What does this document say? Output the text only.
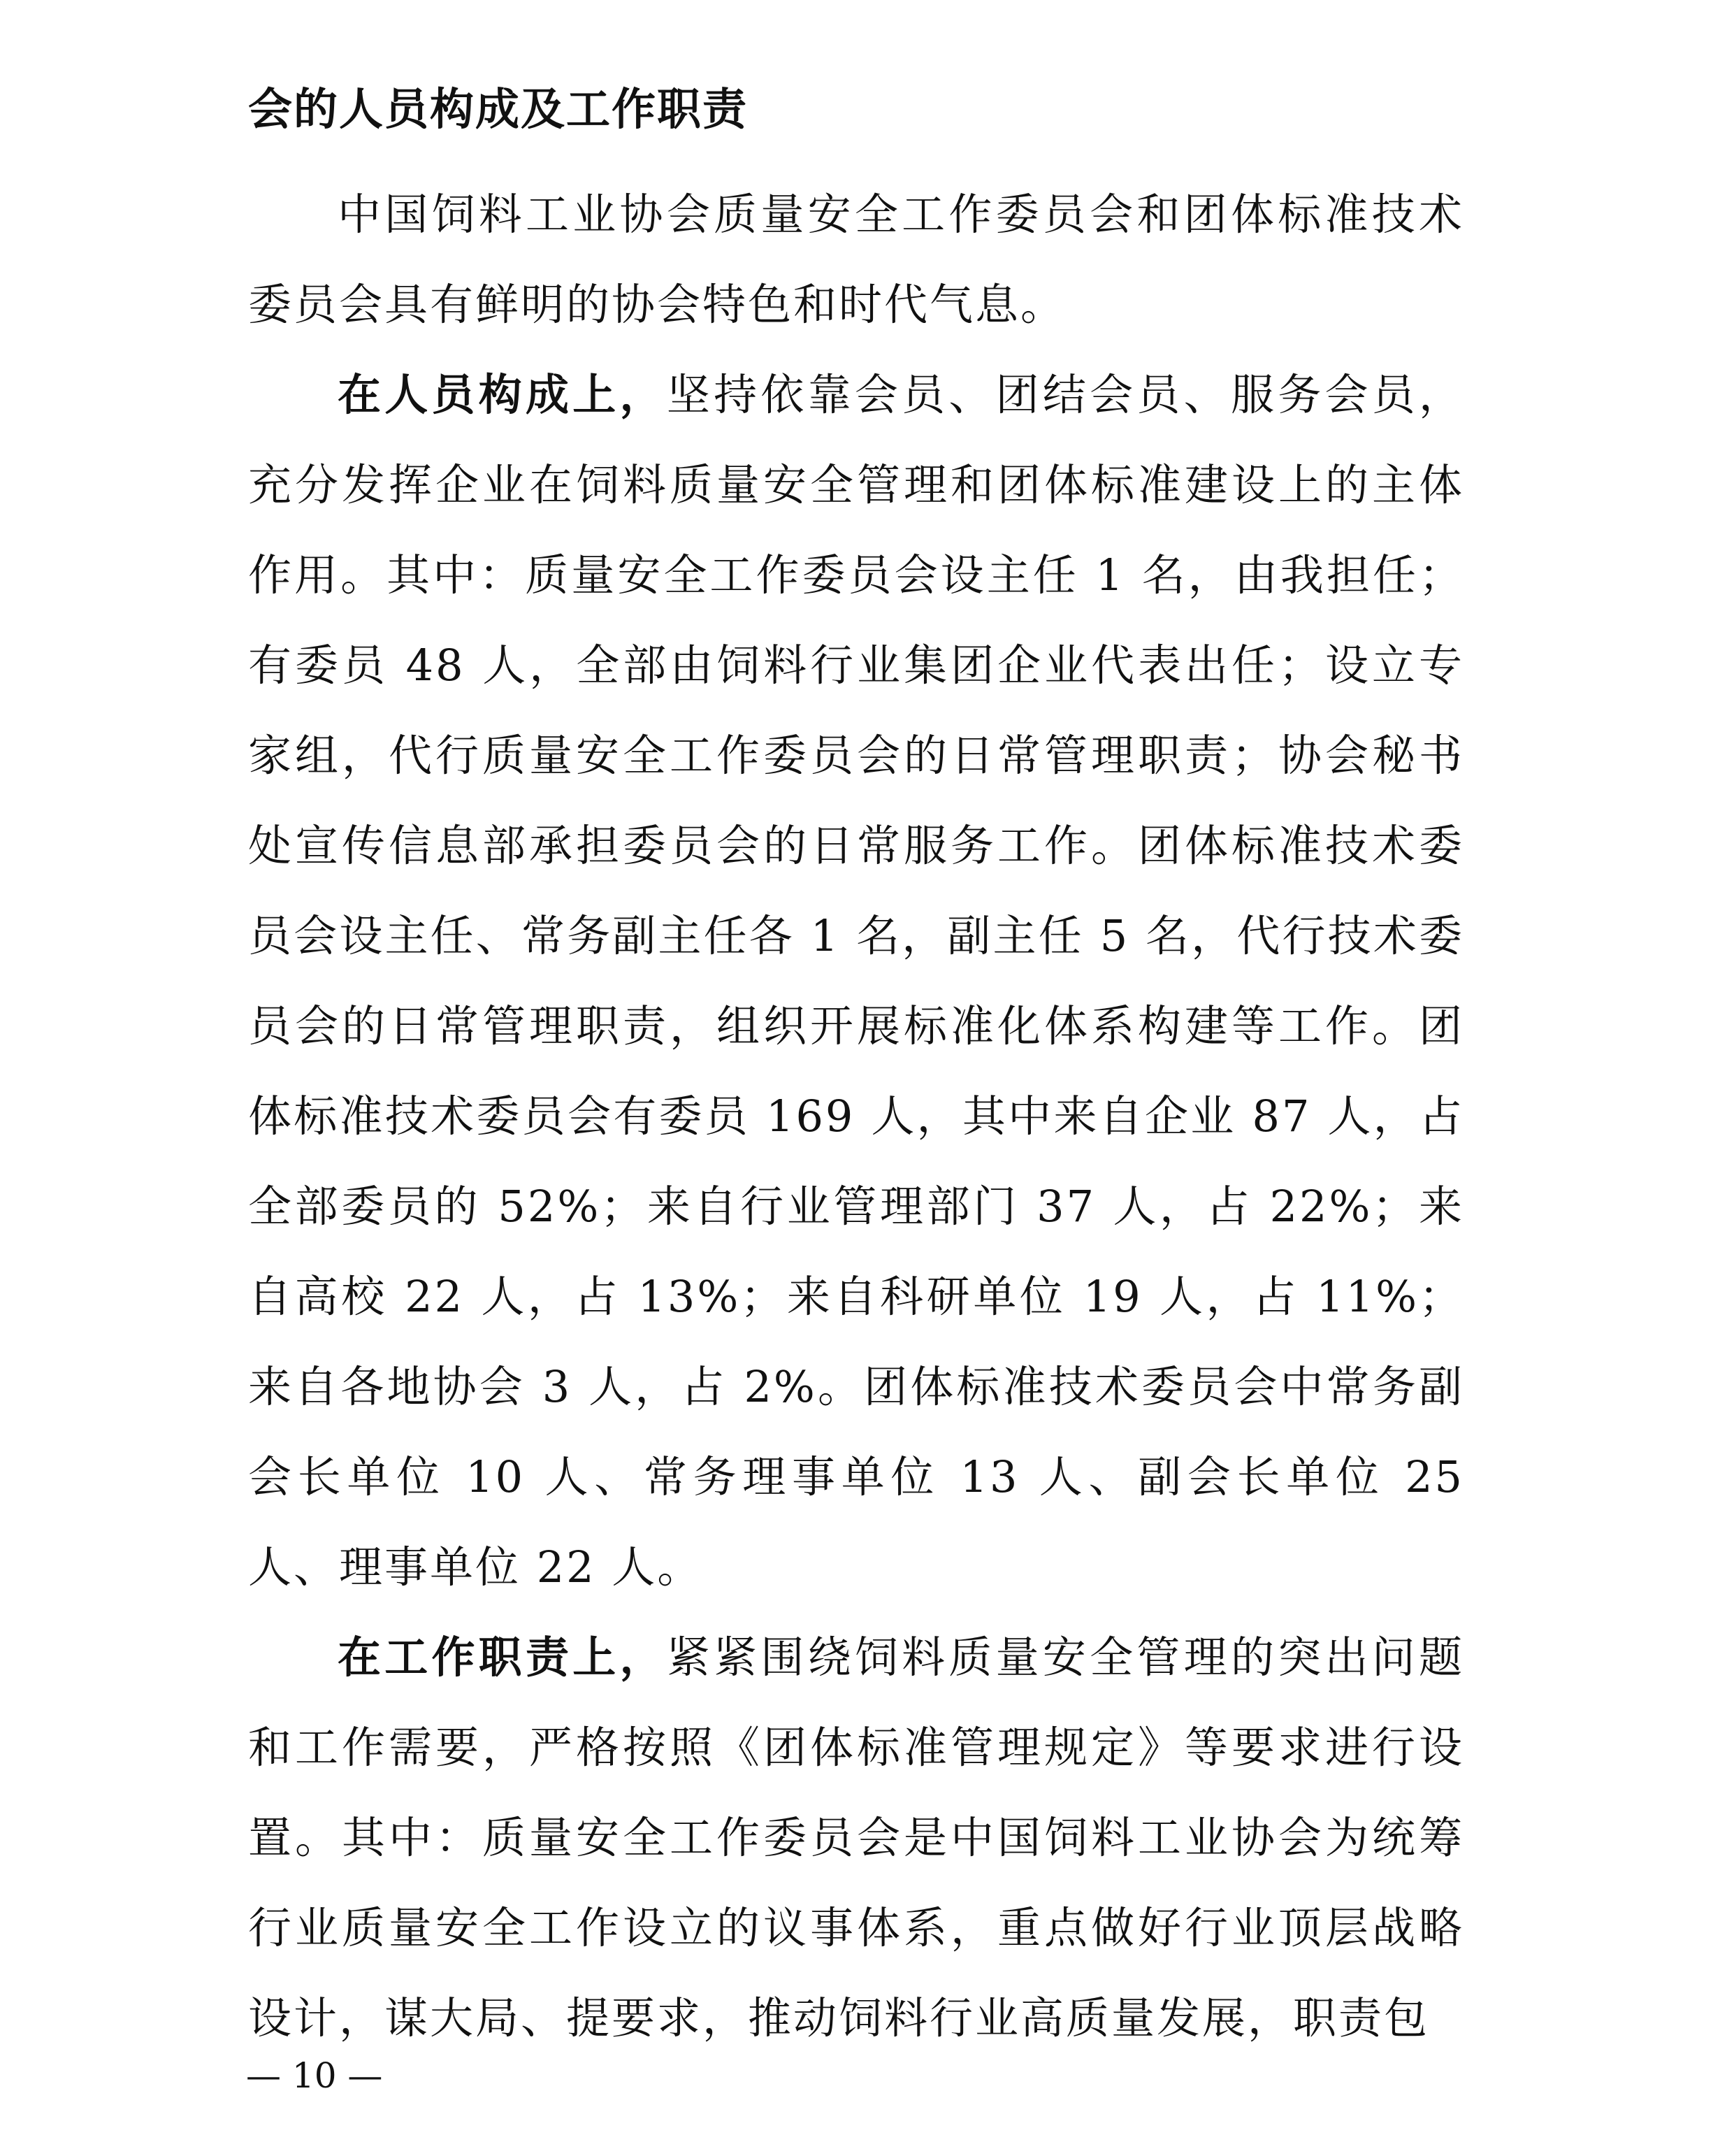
会的人员构成及工作职责

中国饲料工业协会质量安全工作委员会和团体标准技术委员会具有鲜明的协会特色和时代气息。

在人员构成上，坚持依靠会员、团结会员、服务会员，充分发挥企业在饲料质量安全管理和团体标准建设上的主体作用。其中：质量安全工作委员会设主任 1 名，由我担任；有委员 48 人，全部由饲料行业集团企业代表出任；设立专家组，代行质量安全工作委员会的日常管理职责；协会秘书处宣传信息部承担委员会的日常服务工作。团体标准技术委员会设主任、常务副主任各 1 名，副主任 5 名，代行技术委员会的日常管理职责，组织开展标准化体系构建等工作。团体标准技术委员会有委员 169 人，其中来自企业 87 人，占全部委员的 52%；来自行业管理部门 37 人，占 22%；来自高校 22 人，占 13%；来自科研单位 19 人，占 11%；来自各地协会 3 人，占 2%。团体标准技术委员会中常务副会长单位 10 人、常务理事单位 13 人、副会长单位 25 人、理事单位 22 人。

在工作职责上，紧紧围绕饲料质量安全管理的突出问题和工作需要，严格按照《团体标准管理规定》等要求进行设置。其中：质量安全工作委员会是中国饲料工业协会为统筹行业质量安全工作设立的议事体系，重点做好行业顶层战略设计，谋大局、提要求，推动饲料行业高质量发展，职责包

— 10 —
